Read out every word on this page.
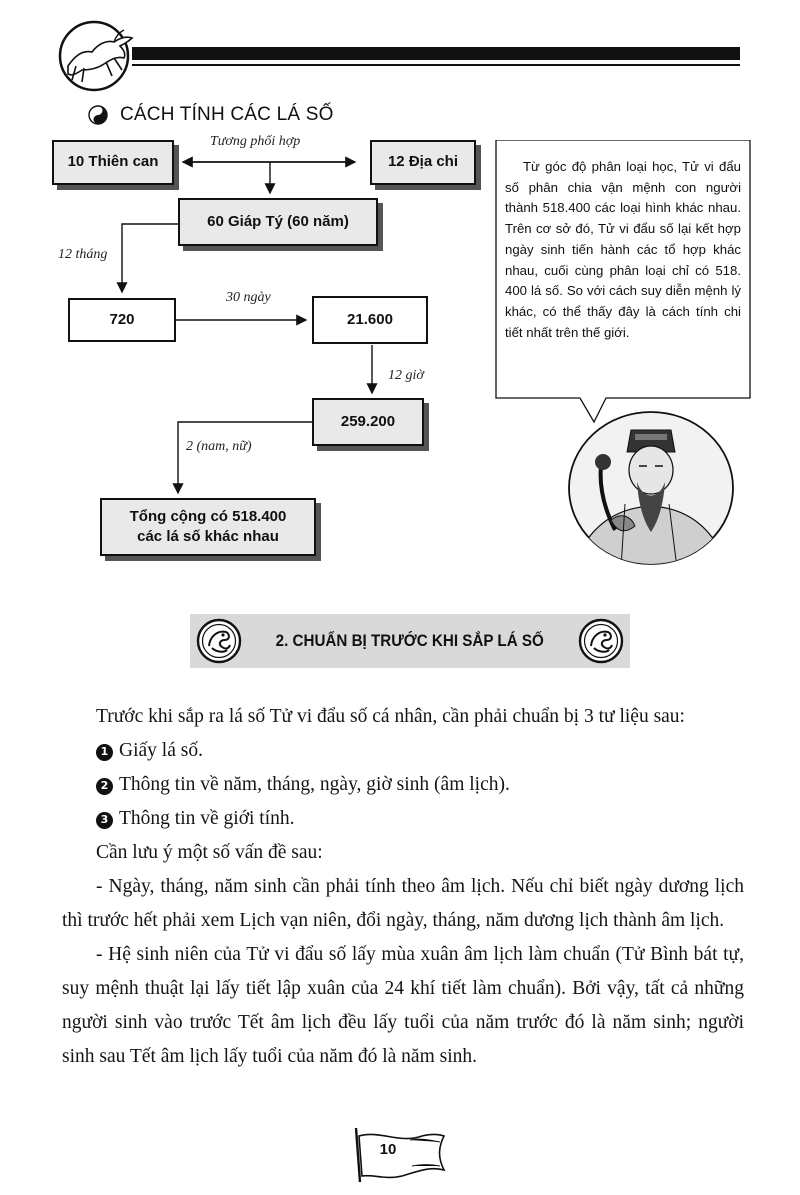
CÁCH TÍNH CÁC LÁ SỐ
10 Thiên can	12 Địa chi
Tương phối hợp
60 Giáp Tý (60 năm)
12 tháng
720
30 ngày
21.600
12 giờ
259.200
2 (nam, nữ)
Tổng cộng có 518.400
các lá số khác nhau
Từ góc độ phân loại học, Tử vi đẩu số phân chia vận mệnh con người thành 518.400 các loại hình khác nhau. Trên cơ sở đó, Tử vi đẩu số lại kết hợp ngày sinh tiến hành các tổ hợp khác nhau, cuối cùng phân loại chỉ có 518. 400 lá số. So với cách suy diễn mệnh lý khác, có thể thấy đây là cách tính chi tiết nhất trên thế giới.
2. CHUẨN BỊ TRƯỚC KHI SẮP LÁ SỐ

Trước khi sắp ra lá số Tử vi đẩu số cá nhân, cần phải chuẩn bị 3 tư liệu sau:

1 Giấy lá số.

2 Thông tin về năm, tháng, ngày, giờ sinh (âm lịch).

3 Thông tin về giới tính.

Cần lưu ý một số vấn đề sau:

- Ngày, tháng, năm sinh cần phải tính theo âm lịch. Nếu chỉ biết ngày dương lịch thì trước hết phải xem Lịch vạn niên, đổi ngày, tháng, năm dương lịch thành âm lịch.

- Hệ sinh niên của Tử vi đẩu số lấy mùa xuân âm lịch làm chuẩn (Tử Bình bát tự, suy mệnh thuật lại lấy tiết lập xuân của 24 khí tiết làm chuẩn). Bởi vậy, tất cả những người sinh vào trước Tết âm lịch đều lấy tuổi của năm trước đó là năm sinh; người sinh sau Tết âm lịch lấy tuổi của năm đó là năm sinh.

10
